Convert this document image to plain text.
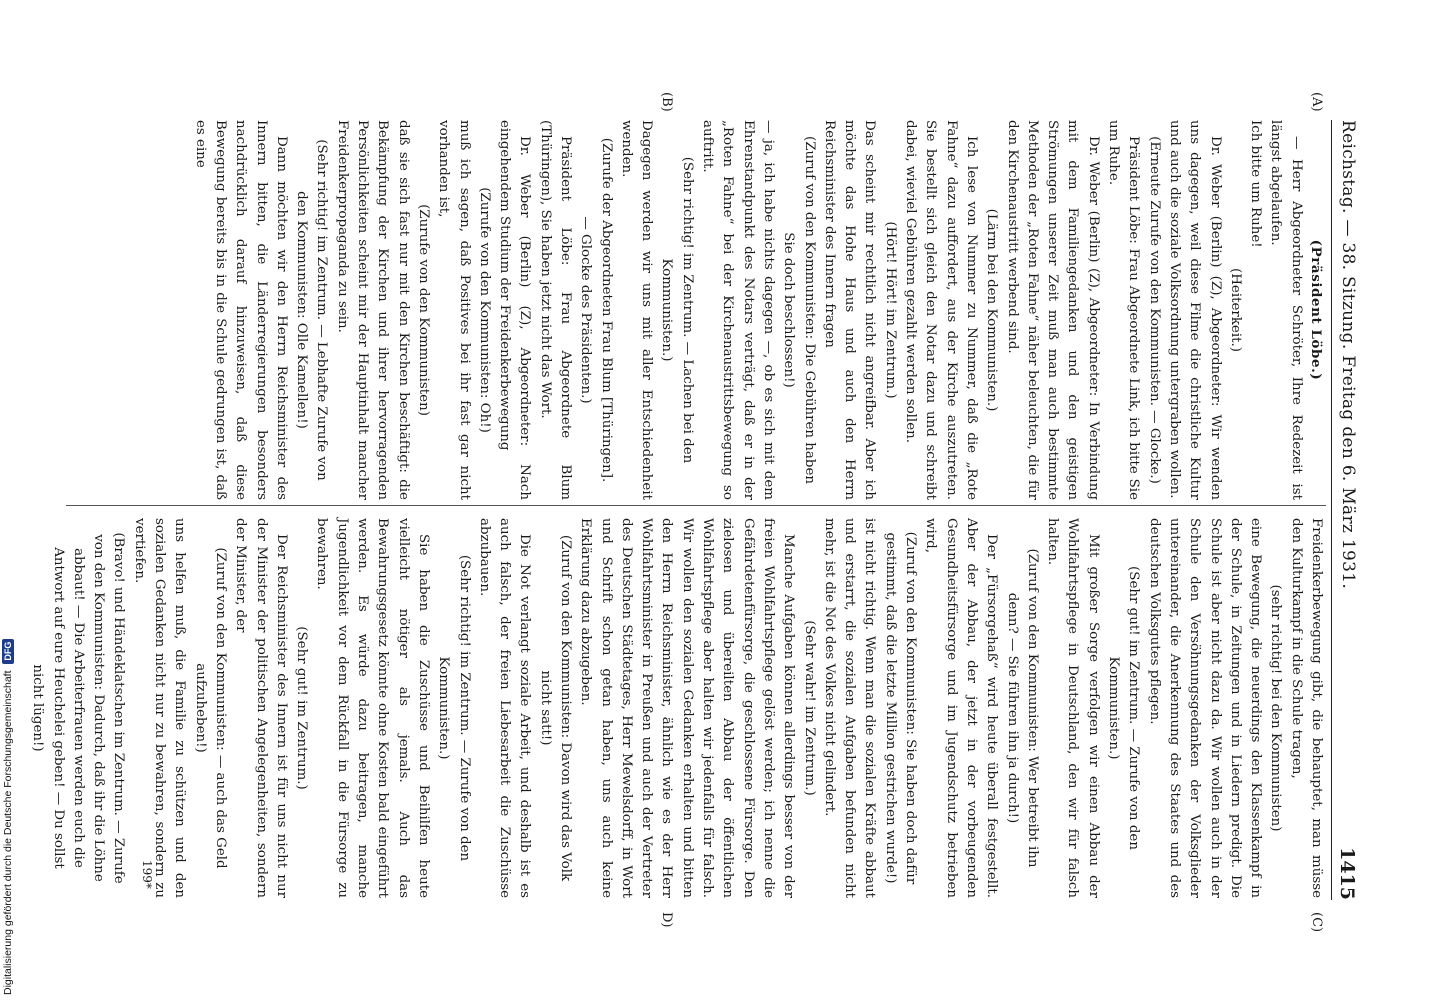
Reichstag. — 38. Sitzung. Freitag den 6. März 1931.
1415
(A)
(B)
(C)
D)

(Präsident Löbe.)

— Herr Abgeordneter Schröter, Ihre Redezeit ist längst abgelaufen.

Ich bitte um Ruhe!

(Heiterkeit.)

Dr. Weber (Berlin) (Z), Abgeordneter: Wir wenden uns dagegen, weil diese Filme die christliche Kultur und auch die soziale Volksordnung untergraben wollen.

(Erneute Zurufe von den Kommunisten. — Glocke.)

Präsident Löbe: Frau Abgeordnete Link, ich bitte Sie um Ruhe.

Dr. Weber (Berlin) (Z), Abgeordneter: In Verbindung mit dem Familiengedanken und den geistigen Strömungen unserer Zeit muß man auch bestimmte Methoden der „Roten Fahne“ näher beleuchten, die für den Kirchenaustritt werbend sind.

(Lärm bei den Kommunisten.)

Ich lese von Nummer zu Nummer, daß die „Rote Fahne“ dazu auffordert, aus der Kirche auszutreten. Sie bestellt sich gleich den Notar dazu und schreibt dabei, wieviel Gebühren gezahlt werden sollen.

(Hört! Hört! im Zentrum.)

Das scheint mir rechtlich nicht angreifbar. Aber ich möchte das Hohe Haus und auch den Herrn Reichsminister des Innern fragen

(Zuruf von den Kommunisten: Die Gebühren haben Sie doch beschlossen!)

— ja, ich habe nichts dagegen —, ob es sich mit dem Ehrenstandpunkt des Notars verträgt, daß er in der „Roten Fahne“ bei der Kirchenaustrittsbewegung so auftritt.

(Sehr richtig! im Zentrum. — Lachen bei den Kommunisten.)

Dagegen werden wir uns mit aller Entschiedenheit wenden.

(Zurufe der Abgeordneten Frau Blum [Thüringen]. — Glocke des Präsidenten.)

Präsident Löbe: Frau Abgeordnete Blum (Thüringen), Sie haben jetzt nicht das Wort.

Dr. Weber (Berlin) (Z), Abgeordneter: Nach eingehendem Studium der Freidenkerbewegung

(Zurufe von den Kommunisten: Oh!)

muß ich sagen, daß Positives bei ihr fast gar nicht vorhanden ist,

(Zurufe von den Kommunisten)

daß sie sich fast nur mit den Kirchen beschäftigt: die Bekämpfung der Kirchen und ihrer hervorragenden Persönlichkeiten scheint mir der Hauptinhalt mancher Freidenkerpropaganda zu sein.

(Sehr richtig! im Zentrum. — Lebhafte Zurufe von den Kommunisten: Olle Kamellen!)

Dann möchten wir den Herrn Reichsminister des Innern bitten, die Länderregierungen besonders nachdrücklich darauf hinzuweisen, daß diese Bewegung bereits bis in die Schule gedrungen ist, daß es eine

Freidenkerbewegung gibt, die behauptet, man müsse den Kulturkampf in die Schule tragen,

(sehr richtig! bei den Kommunisten)

eine Bewegung, die neuerdings den Klassenkampf in der Schule, in Zeitungen und in Liedern predigt. Die Schule ist aber nicht dazu da. Wir wollen auch in der Schule den Versöhnungsgedanken der Volksglieder untereinander, die Anerkennung des Staates und des deutschen Volksgutes pflegen.

(Sehr gut! im Zentrum. — Zurufe von den Kommunisten.)

Mit großer Sorge verfolgen wir einen Abbau der Wohlfahrtspflege in Deutschland, den wir für falsch halten.

(Zuruf von den Kommunisten: Wer betreibt ihn denn? — Sie führen ihn ja durch!)

Der „Fürsorgehaß“ wird heute überall festgestellt. Aber der Abbau, der jetzt in der vorbeugenden Gesundheitsfürsorge und im Jugendschutz betrieben wird,

(Zuruf von den Kommunisten: Sie haben doch dafür gestimmt, daß die letzte Million gestrichen wurde!)

ist nicht richtig. Wenn man die sozialen Kräfte abbaut und erstarrt, die sozialen Aufgaben befunden nicht mehr, ist die Not des Volkes nicht gelindert.

(Sehr wahr! im Zentrum.)

Manche Aufgaben können allerdings besser von der freien Wohlfahrtspflege gelöst werden; ich nenne die Gefährdetenfürsorge, die geschlossene Fürsorge. Den zielosen und übereilten Abbau der öffentlichen Wohlfahrtspflege aber halten wir jedenfalls für falsch. Wir wollen den sozialen Gedanken erhalten und bitten den Herrn Reichsminister, ähnlich wie es der Herr Wohlfahrtsminister in Preußen und auch der Vertreter des Deutschen Städtetages, Herr Mewelsdorff, in Wort und Schrift schon getan haben, uns auch keine Erklärung dazu abzugeben.

(Zuruf von den Kommunisten: Davon wird das Volk nicht satt!)

Die Not verlangt soziale Arbeit, und deshalb ist es auch falsch, der freien Liebesarbeit die Zuschüsse abzubauen.

(Sehr richtig! im Zentrum. — Zurufe von den Kommunisten.)

Sie haben die Zuschüsse und Beihilfen heute vielleicht nötiger als jemals. Auch das Bewahrungsgesetz könnte ohne Kosten bald eingeführt werden. Es würde dazu beitragen, manche Jugendlichkeit vor dem Rückfall in die Fürsorge zu bewahren.

(Sehr gut! im Zentrum.)

Der Reichsminister des Innern ist für uns nicht nur der Minister der politischen Angelegenheiten, sondern der Minister, der

(Zuruf von den Kommunisten: — auch das Geld aufzuheben!)

uns helfen muß, die Familie zu schützen und den sozialen Gedanken nicht nur zu bewahren, sondern zu vertiefen.

(Bravo! und Händeklatschen im Zentrum. — Zurufe von den Kommunisten: Dadurch, daß ihr die Löhne abbaut! — Die Arbeiterfrauen werden euch die Antwort auf eure Heuchelei geben! — Du sollst nicht lügen!)

199*
Digitalisierung gefördert durch die Deutsche Forschungsgemeinschaft DFG
